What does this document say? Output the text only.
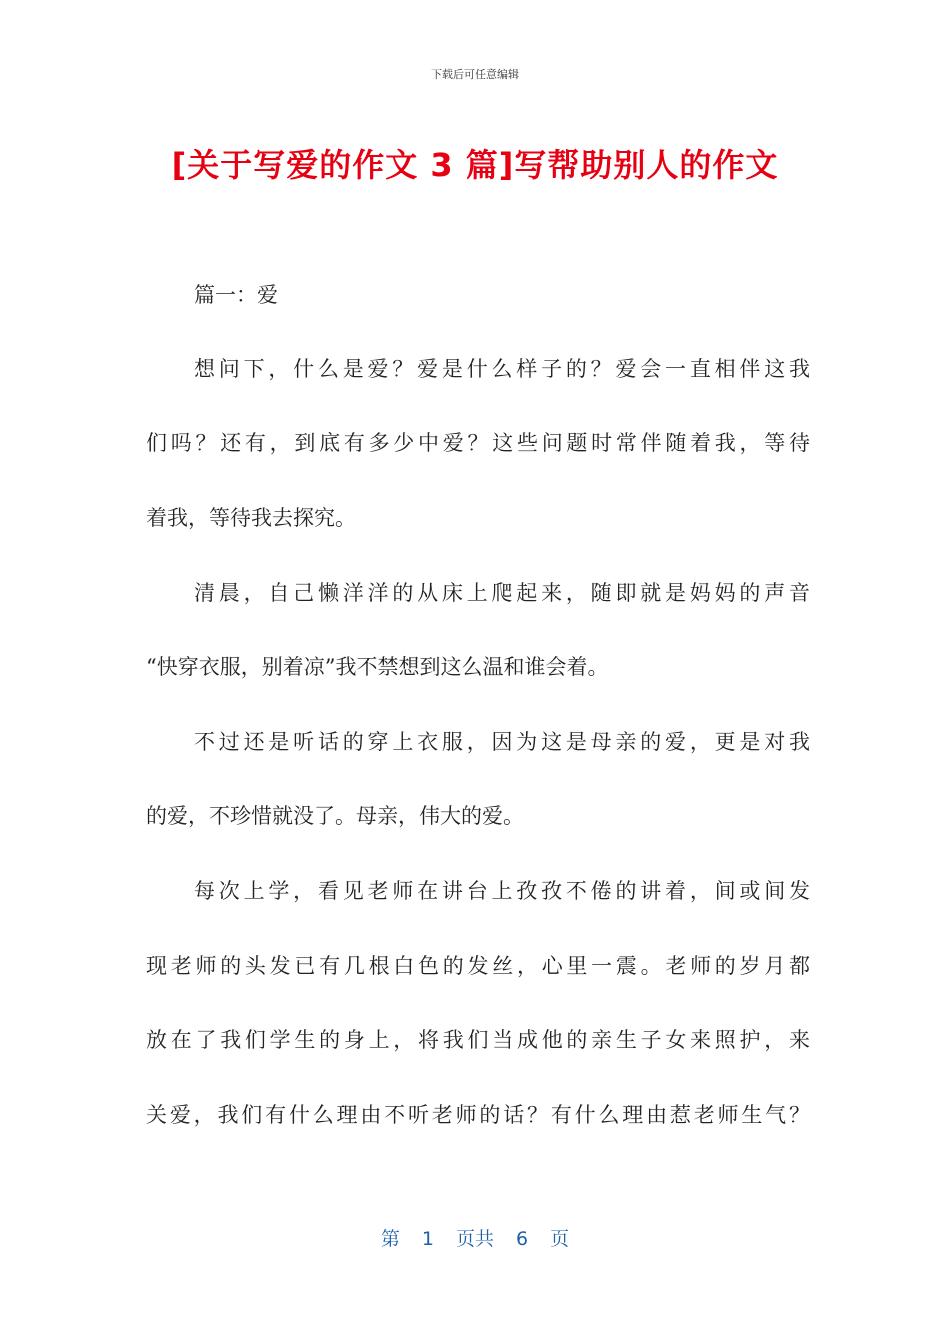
下载后可任意编辑
[关于写爱的作文 3 篇]写帮助别人的作文
篇一：爱
想问下，什么是爱？爱是什么样子的？爱会一直相伴这我
们吗？还有，到底有多少中爱？这些问题时常伴随着我，等待
着我，等待我去探究。
清晨，自己懒洋洋的从床上爬起来，随即就是妈妈的声音
“快穿衣服，别着凉”我不禁想到这么温和谁会着。
不过还是听话的穿上衣服，因为这是母亲的爱，更是对我
的爱，不珍惜就没了。母亲，伟大的爱。
每次上学，看见老师在讲台上孜孜不倦的讲着，间或间发
现老师的头发已有几根白色的发丝，心里一震。老师的岁月都
放在了我们学生的身上，将我们当成他的亲生子女来照护，来
关爱，我们有什么理由不听老师的话？有什么理由惹老师生气？
第 1 页共 6 页
